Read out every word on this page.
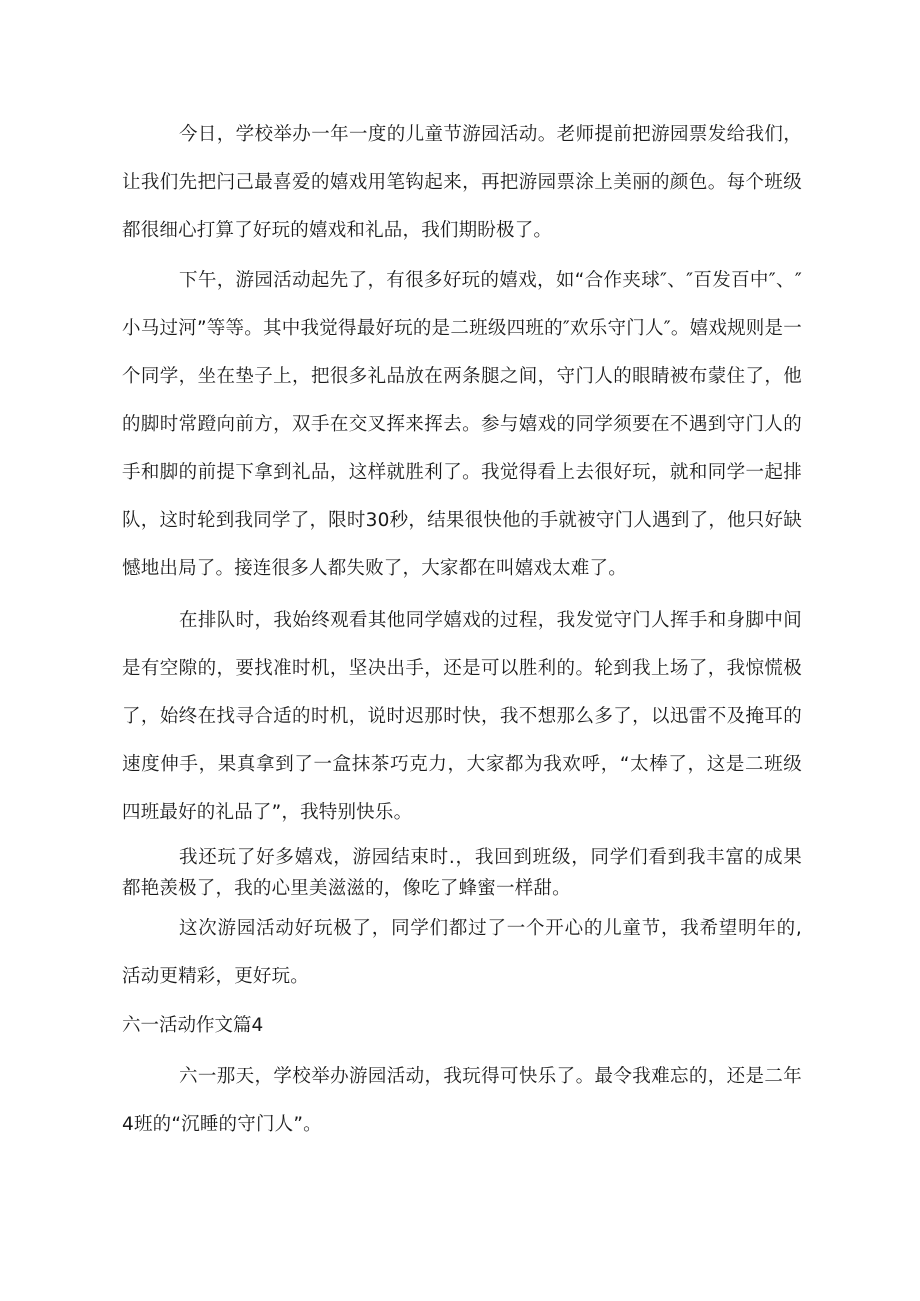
今日，学校举办一年一度的儿童节游园活动。老师提前把游园票发给我们，让我们先把闩己最喜爱的嬉戏用笔钩起来，再把游园票涂上美丽的颜色。每个班级都很细心打算了好玩的嬉戏和礼品，我们期盼极了。

下午，游园活动起先了，有很多好玩的嬉戏，如“合作夹球″、″百发百中″、″小马过河”等等。其中我觉得最好玩的是二班级四班的″欢乐守门人″。嬉戏规则是一个同学，坐在垫子上，把很多礼品放在两条腿之间，守门人的眼睛被布蒙住了，他的脚时常蹬向前方，双手在交叉挥来挥去。参与嬉戏的同学须要在不遇到守门人的手和脚的前提下拿到礼品，这样就胜利了。我觉得看上去很好玩，就和同学一起排队，这时轮到我同学了，限时30秒，结果很快他的手就被守门人遇到了，他只好缺憾地出局了。接连很多人都失败了，大家都在叫嬉戏太难了。

在排队时，我始终观看其他同学嬉戏的过程，我发觉守门人挥手和身脚中间是有空隙的，要找准时机，坚决出手，还是可以胜利的。轮到我上场了，我惊慌极了，始终在找寻合适的时机，说时迟那时快，我不想那么多了，以迅雷不及掩耳的速度伸手，果真拿到了一盒抹茶巧克力，大家都为我欢呼，“太棒了，这是二班级四班最好的礼品了”，我特别快乐。

我还玩了好多嬉戏，游园结束时.，我回到班级，同学们看到我丰富的成果都艳羡极了，我的心里美滋滋的，像吃了蜂蜜一样甜。

这次游园活动好玩极了，同学们都过了一个开心的儿童节，我希望明年的,活动更精彩，更好玩。

六一活动作文篇4

六一那天，学校举办游园活动，我玩得可快乐了。最令我难忘的，还是二年4班的“沉睡的守门人”。
